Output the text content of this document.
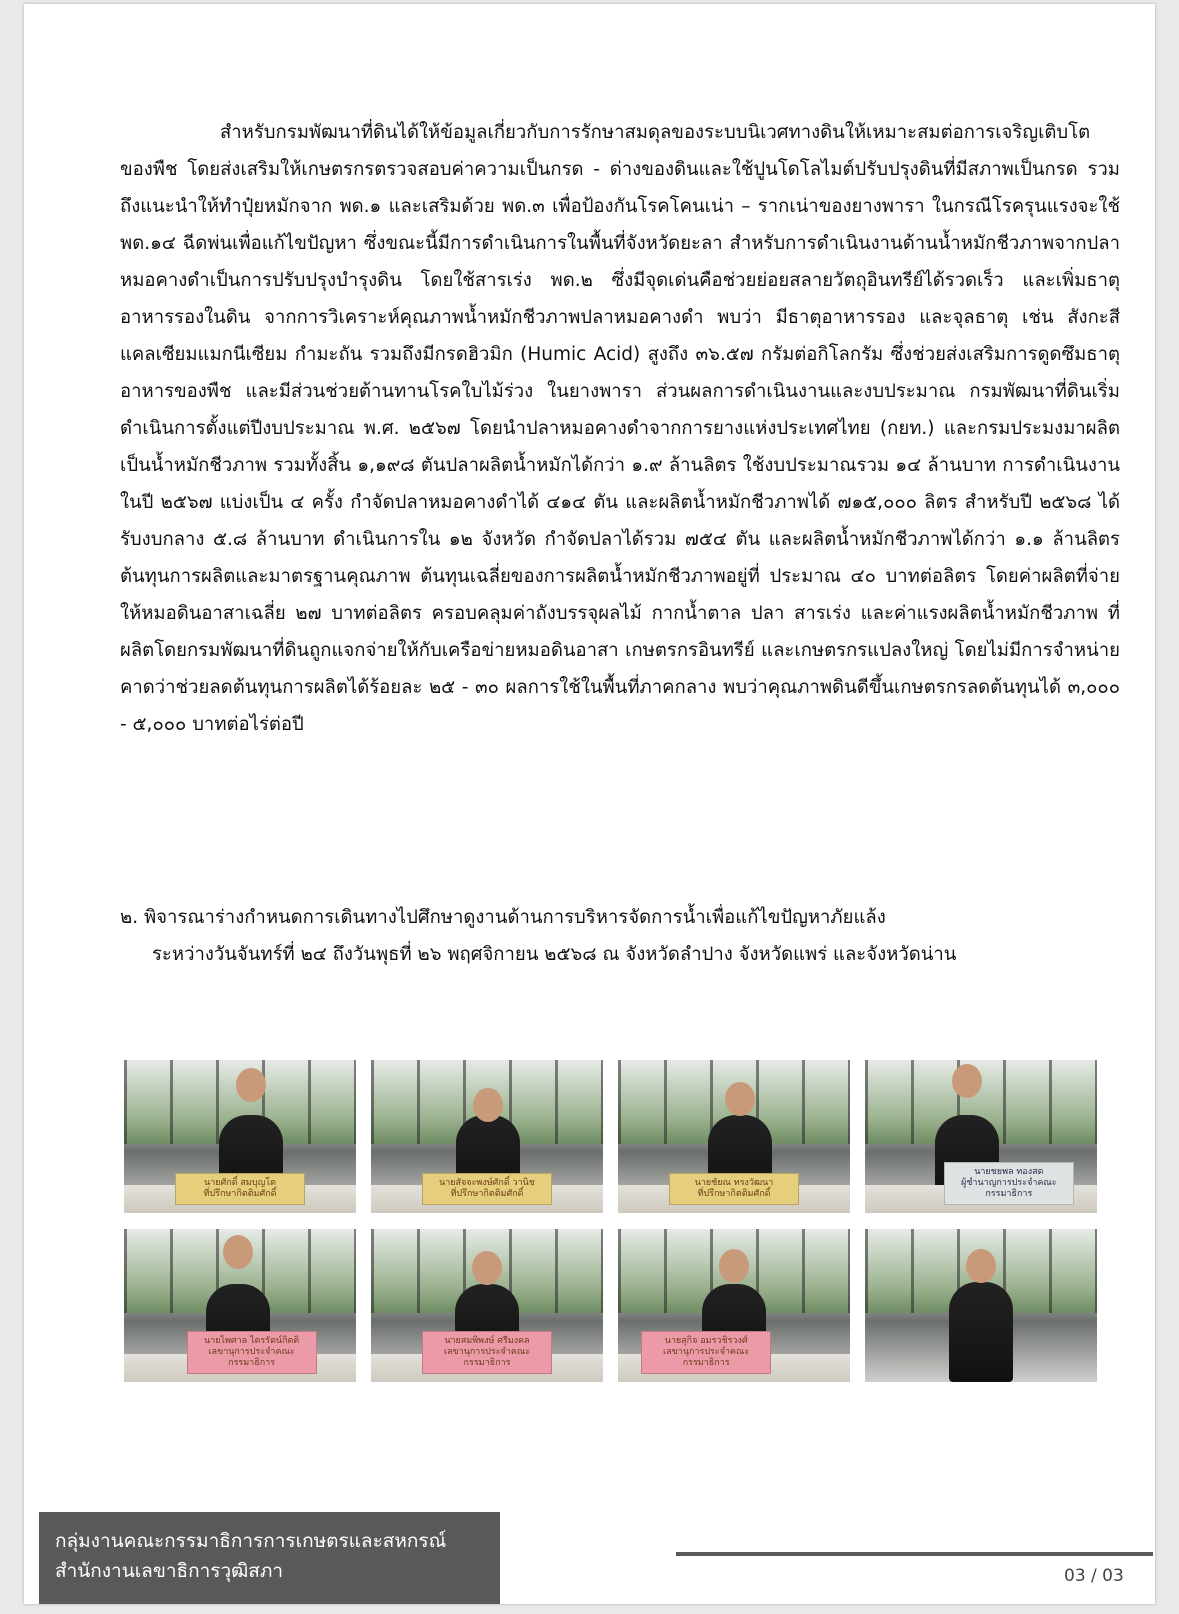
สำหรับกรมพัฒนาที่ดินได้ให้ข้อมูลเกี่ยวกับการรักษาสมดุลของระบบนิเวศทางดินให้เหมาะสมต่อการเจริญเติบโตของพืช โดยส่งเสริมให้เกษตรกรตรวจสอบค่าความเป็นกรด - ด่างของดินและใช้ปูนโดโลไมต์ปรับปรุงดินที่มีสภาพเป็นกรด รวมถึงแนะนำให้ทำปุ๋ยหมักจาก พด.๑ และเสริมด้วย พด.๓ เพื่อป้องกันโรคโคนเน่า – รากเน่าของยางพารา ในกรณีโรครุนแรงจะใช้ พด.๑๔ ฉีดพ่นเพื่อแก้ไขปัญหา ซึ่งขณะนี้มีการดำเนินการในพื้นที่จังหวัดยะลา สำหรับการดำเนินงานด้านน้ำหมักชีวภาพจากปลาหมอคางดำเป็นการปรับปรุงบำรุงดิน โดยใช้สารเร่ง พด.๒ ซึ่งมีจุดเด่นคือช่วยย่อยสลายวัตถุอินทรีย์ได้รวดเร็ว และเพิ่มธาตุอาหารรองในดิน จากการวิเคราะห์คุณภาพน้ำหมักชีวภาพปลาหมอคางดำ พบว่า มีธาตุอาหารรอง และจุลธาตุ เช่น สังกะสี แคลเซียมแมกนีเซียม กำมะถัน รวมถึงมีกรดฮิวมิก (Humic Acid) สูงถึง ๓๖.๕๗ กรัมต่อกิโลกรัม ซึ่งช่วยส่งเสริมการดูดซึมธาตุอาหารของพืช และมีส่วนช่วยต้านทานโรคใบไม้ร่วง ในยางพารา ส่วนผลการดำเนินงานและงบประมาณ กรมพัฒนาที่ดินเริ่มดำเนินการตั้งแต่ปีงบประมาณ พ.ศ. ๒๕๖๗ โดยนำปลาหมอคางดำจากการยางแห่งประเทศไทย (กยท.) และกรมประมงมาผลิตเป็นน้ำหมักชีวภาพ รวมทั้งสิ้น ๑,๑๙๘ ตันปลาผลิตน้ำหมักได้กว่า ๑.๙ ล้านลิตร ใช้งบประมาณรวม ๑๔ ล้านบาท การดำเนินงานในปี ๒๕๖๗ แบ่งเป็น ๔ ครั้ง กำจัดปลาหมอคางดำได้ ๔๑๔ ตัน และผลิตน้ำหมักชีวภาพได้ ๗๑๕,๐๐๐ ลิตร สำหรับปี ๒๕๖๘ ได้รับงบกลาง ๕.๘ ล้านบาท ดำเนินการใน ๑๒ จังหวัด กำจัดปลาได้รวม ๗๕๔ ตัน และผลิตน้ำหมักชีวภาพได้กว่า ๑.๑ ล้านลิตร ต้นทุนการผลิตและมาตรฐานคุณภาพ ต้นทุนเฉลี่ยของการผลิตน้ำหมักชีวภาพอยู่ที่ ประมาณ ๔๐ บาทต่อลิตร โดยค่าผลิตที่จ่ายให้หมอดินอาสาเฉลี่ย ๒๗ บาทต่อลิตร ครอบคลุมค่าถังบรรจุผลไม้ กากน้ำตาล ปลา สารเร่ง และค่าแรงผลิตน้ำหมักชีวภาพ ที่ผลิตโดยกรมพัฒนาที่ดินถูกแจกจ่ายให้กับเครือข่ายหมอดินอาสา เกษตรกรอินทรีย์ และเกษตรกรแปลงใหญ่ โดยไม่มีการจำหน่าย คาดว่าช่วยลดต้นทุนการผลิตได้ร้อยละ ๒๕ - ๓๐ ผลการใช้ในพื้นที่ภาคกลาง พบว่าคุณภาพดินดีขึ้นเกษตรกรลดต้นทุนได้ ๓,๐๐๐ - ๕,๐๐๐ บาทต่อไร่ต่อปี
๒. พิจารณาร่างกำหนดการเดินทางไปศึกษาดูงานด้านการบริหารจัดการน้ำเพื่อแก้ไขปัญหาภัยแล้ง
ระหว่างวันจันทร์ที่ ๒๔ ถึงวันพุธที่ ๒๖ พฤศจิกายน ๒๕๖๘ ณ จังหวัดลำปาง จังหวัดแพร่ และจังหวัดน่าน
นายศักดิ์ สมบุญโต
ที่ปรึกษากิตติมศักดิ์
นายสัจจะพงษ์ศักดิ์ วานิช
ที่ปรึกษากิตติมศักดิ์
นายชัยณ ทรงวัฒนา
ที่ปรึกษากิตติมศักดิ์
นายชยพล ทองสด
ผู้ชำนาญการประจำคณะกรรมาธิการ
นายไพศาล ไตรรัตน์กิตติ
เลขานุการประจำคณะกรรมาธิการ
นายสมพิพงษ์ ศรีมงคล
เลขานุการประจำคณะกรรมาธิการ
นายสุกิจ อมรวชิรวงศ์
เลขานุการประจำคณะกรรมาธิการ
กลุ่มงานคณะกรรมาธิการการเกษตรและสหกรณ์
สำนักงานเลขาธิการวุฒิสภา	03 / 03
